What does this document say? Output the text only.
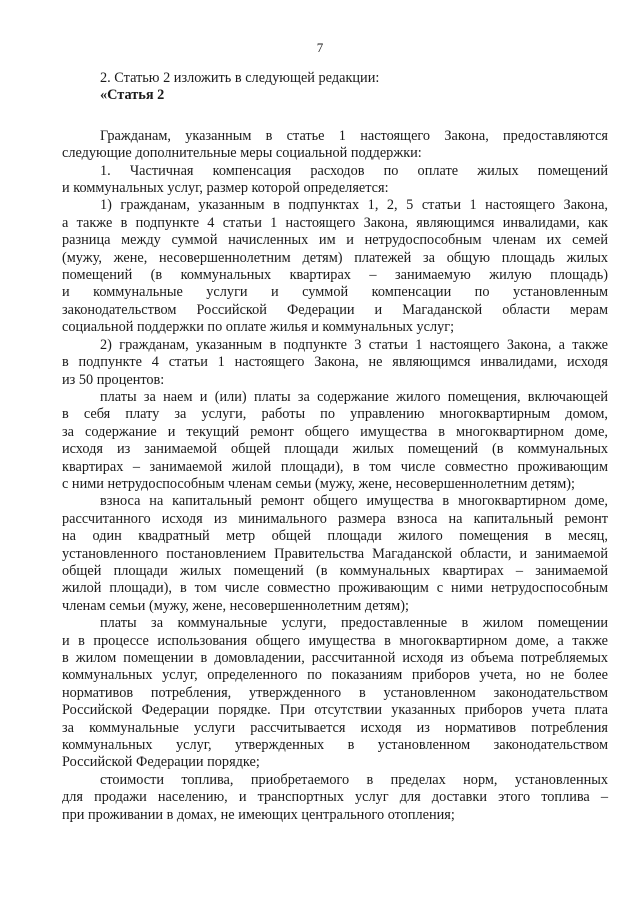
7

2. Статью 2 изложить в следующей редакции:

«Статья 2

Гражданам, указанным в статье 1 настоящего Закона, предоставляются

следующие дополнительные меры социальной поддержки:

1. Частичная компенсация расходов по оплате жилых помещений

и коммунальных услуг, размер которой определяется:

1) гражданам, указанным в подпунктах 1, 2, 5 статьи 1 настоящего Закона,

а также в подпункте 4 статьи 1 настоящего Закона, являющимся инвалидами, как

разница между суммой начисленных им и нетрудоспособным членам их семей

(мужу, жене, несовершеннолетним детям) платежей за общую площадь жилых

помещений (в коммунальных квартирах – занимаемую жилую площадь)

и коммунальные услуги и суммой компенсации по установленным

законодательством Российской Федерации и Магаданской области мерам

социальной поддержки по оплате жилья и коммунальных услуг;

2) гражданам, указанным в подпункте 3 статьи 1 настоящего Закона, а также

в подпункте 4 статьи 1 настоящего Закона, не являющимся инвалидами, исходя

из 50 процентов:

платы за наем и (или) платы за содержание жилого помещения, включающей

в себя плату за услуги, работы по управлению многоквартирным домом,

за содержание и текущий ремонт общего имущества в многоквартирном доме,

исходя из занимаемой общей площади жилых помещений (в коммунальных

квартирах – занимаемой жилой площади), в том числе совместно проживающим

с ними нетрудоспособным членам семьи (мужу, жене, несовершеннолетним детям);

взноса на капитальный ремонт общего имущества в многоквартирном доме,

рассчитанного исходя из минимального размера взноса на капитальный ремонт

на один квадратный метр общей площади жилого помещения в месяц,

установленного постановлением Правительства Магаданской области, и занимаемой

общей площади жилых помещений (в коммунальных квартирах – занимаемой

жилой площади), в том числе совместно проживающим с ними нетрудоспособным

членам семьи (мужу, жене, несовершеннолетним детям);

платы за коммунальные услуги, предоставленные в жилом помещении

и в процессе использования общего имущества в многоквартирном доме, а также

в жилом помещении в домовладении, рассчитанной исходя из объема потребляемых

коммунальных услуг, определенного по показаниям приборов учета, но не более

нормативов потребления, утвержденного в установленном законодательством

Российской Федерации порядке. При отсутствии указанных приборов учета плата

за коммунальные услуги рассчитывается исходя из нормативов потребления

коммунальных услуг, утвержденных в установленном законодательством

Российской Федерации порядке;

стоимости топлива, приобретаемого в пределах норм, установленных

для продажи населению, и транспортных услуг для доставки этого топлива –

при проживании в домах, не имеющих центрального отопления;
